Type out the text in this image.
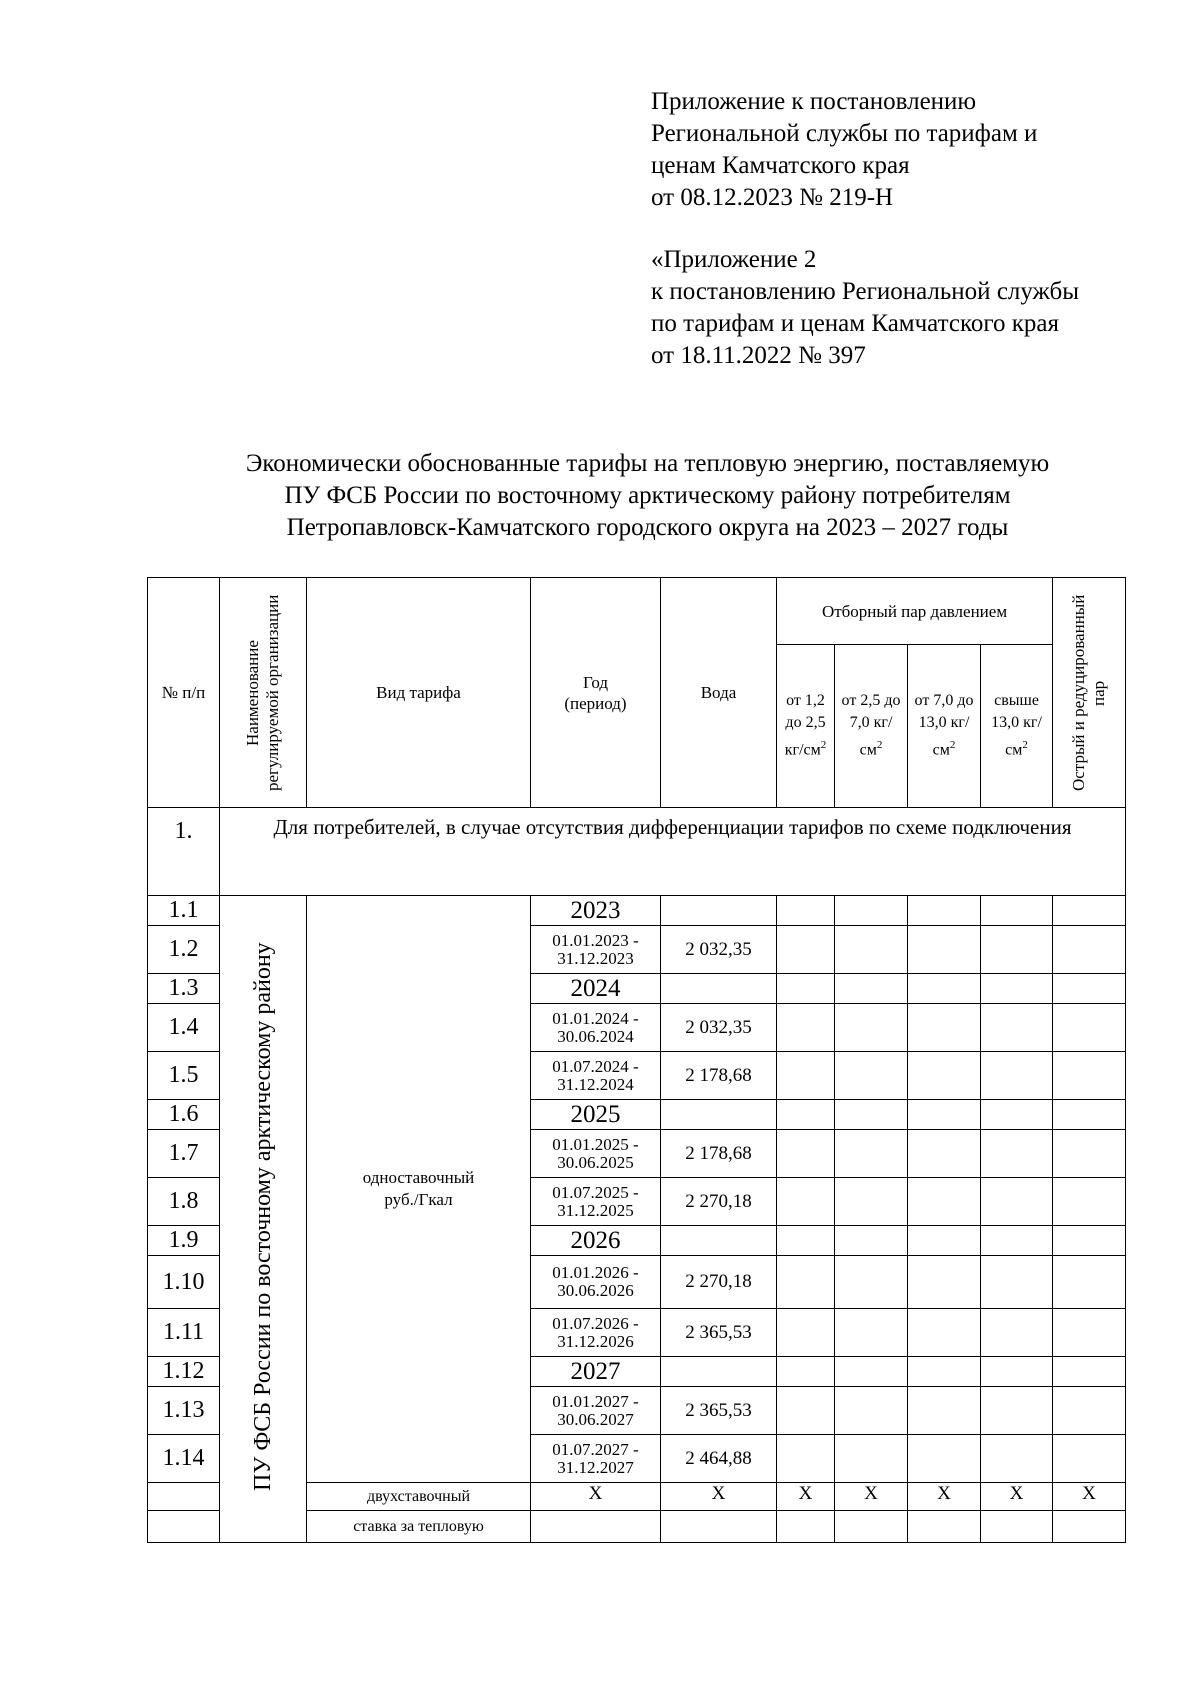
Приложение к постановлению

Региональной службы по тарифам и

ценам Камчатского края

от 08.12.2023 № 219-Н

«Приложение 2

к постановлению Региональной службы

по тарифам и ценам Камчатского края

от 18.11.2022 № 397

Экономически обоснованные тарифы на тепловую энергию, поставляемую

ПУ ФСБ России по восточному арктическому району потребителям

Петропавловск-Камчатского городского округа на 2023 – 2027 годы

№ п/п	Наименование регулируемой организации	Вид тарифа	Год (период)	Вода	Отборный пар давлением				Острый и редуцированный пар

					от 1,2 до 2,5 $кг/см^2$	от 2,5 до 7,0 $кг/см^2$	от 7,0 до 13,0 $кг/см^2$	свыше 13,0 $кг/см^2$
1.	Для потребителей, в случае отсутствия дифференциации тарифов по схеме подключения								
1.1	ПУ ФСБ России по восточному арктическому району	одноставочный руб./Гкал	2023						
1.2			01.01.2023 - 31.12.2023	2 032,35					
1.3			2024						
1.4			01.01.2024 - 30.06.2024	2 032,35					
1.5			01.07.2024 - 31.12.2024	2 178,68					
1.6			2025						
1.7			01.01.2025 - 30.06.2025	2 178,68					
1.8			01.07.2025 - 31.12.2025	2 270,18					
1.9			2026						
1.10			01.01.2026 - 30.06.2026	2 270,18					
1.11			01.07.2026 - 31.12.2026	2 365,53					
1.12			2027						
1.13			01.01.2027 - 30.06.2027	2 365,53					
1.14			01.07.2027 - 31.12.2027	2 464,88					
		двухставочный	Х	Х	Х	Х	Х	Х	Х
		ставка за тепловую							
